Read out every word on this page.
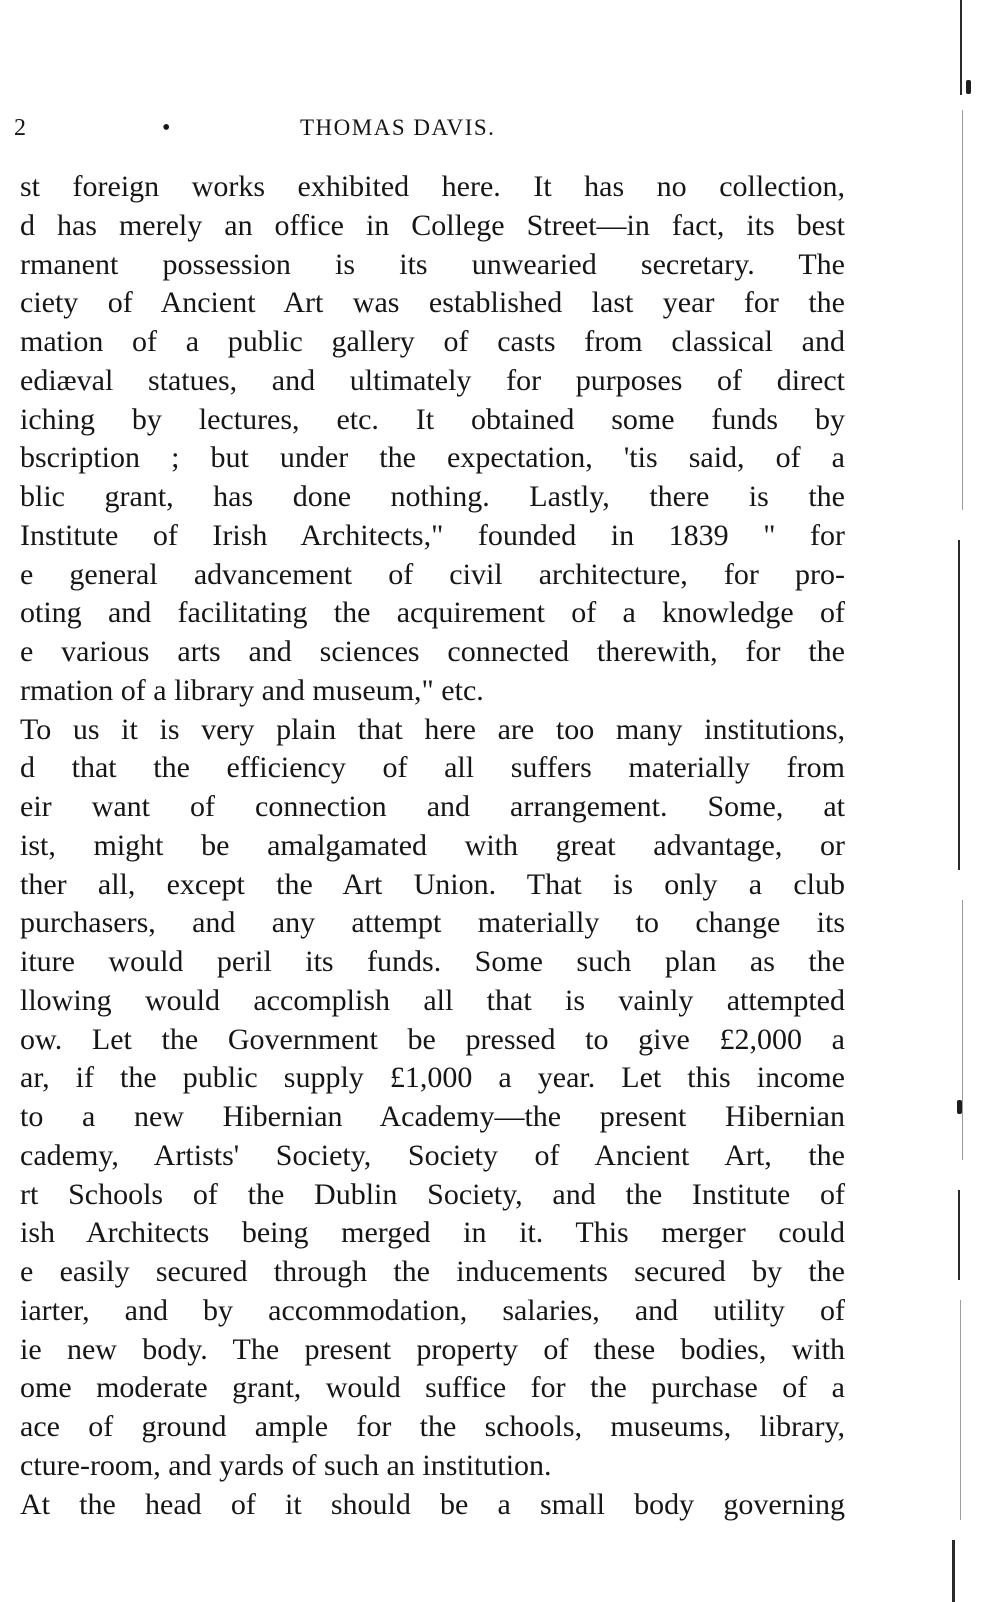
2	•	THOMAS DAVIS.
st foreign works exhibited here. It has no collection,
d has merely an office in College Street—in fact, its best
rmanent possession is its unwearied secretary. The
ciety of Ancient Art was established last year for the
mation of a public gallery of casts from classical and
ediæval statues, and ultimately for purposes of direct
iching by lectures, etc. It obtained some funds by
bscription ; but under the expectation, 'tis said, of a
blic grant, has done nothing. Lastly, there is the
Institute of Irish Architects," founded in 1839 " for
e general advancement of civil architecture, for pro-
oting and facilitating the acquirement of a knowledge of
e various arts and sciences connected therewith, for the
rmation of a library and museum," etc.
To us it is very plain that here are too many institutions,
d that the efficiency of all suffers materially from
eir want of connection and arrangement. Some, at
ist, might be amalgamated with great advantage, or
ther all, except the Art Union. That is only a club
purchasers, and any attempt materially to change its
iture would peril its funds. Some such plan as the
llowing would accomplish all that is vainly attempted
ow. Let the Government be pressed to give £2,000 a
ar, if the public supply £1,000 a year. Let this income
to a new Hibernian Academy—the present Hibernian
cademy, Artists' Society, Society of Ancient Art, the
rt Schools of the Dublin Society, and the Institute of
ish Architects being merged in it. This merger could
e easily secured through the inducements secured by the
iarter, and by accommodation, salaries, and utility of
ie new body. The present property of these bodies, with
ome moderate grant, would suffice for the purchase of a
ace of ground ample for the schools, museums, library,
cture-room, and yards of such an institution.
At the head of it should be a small body governing
